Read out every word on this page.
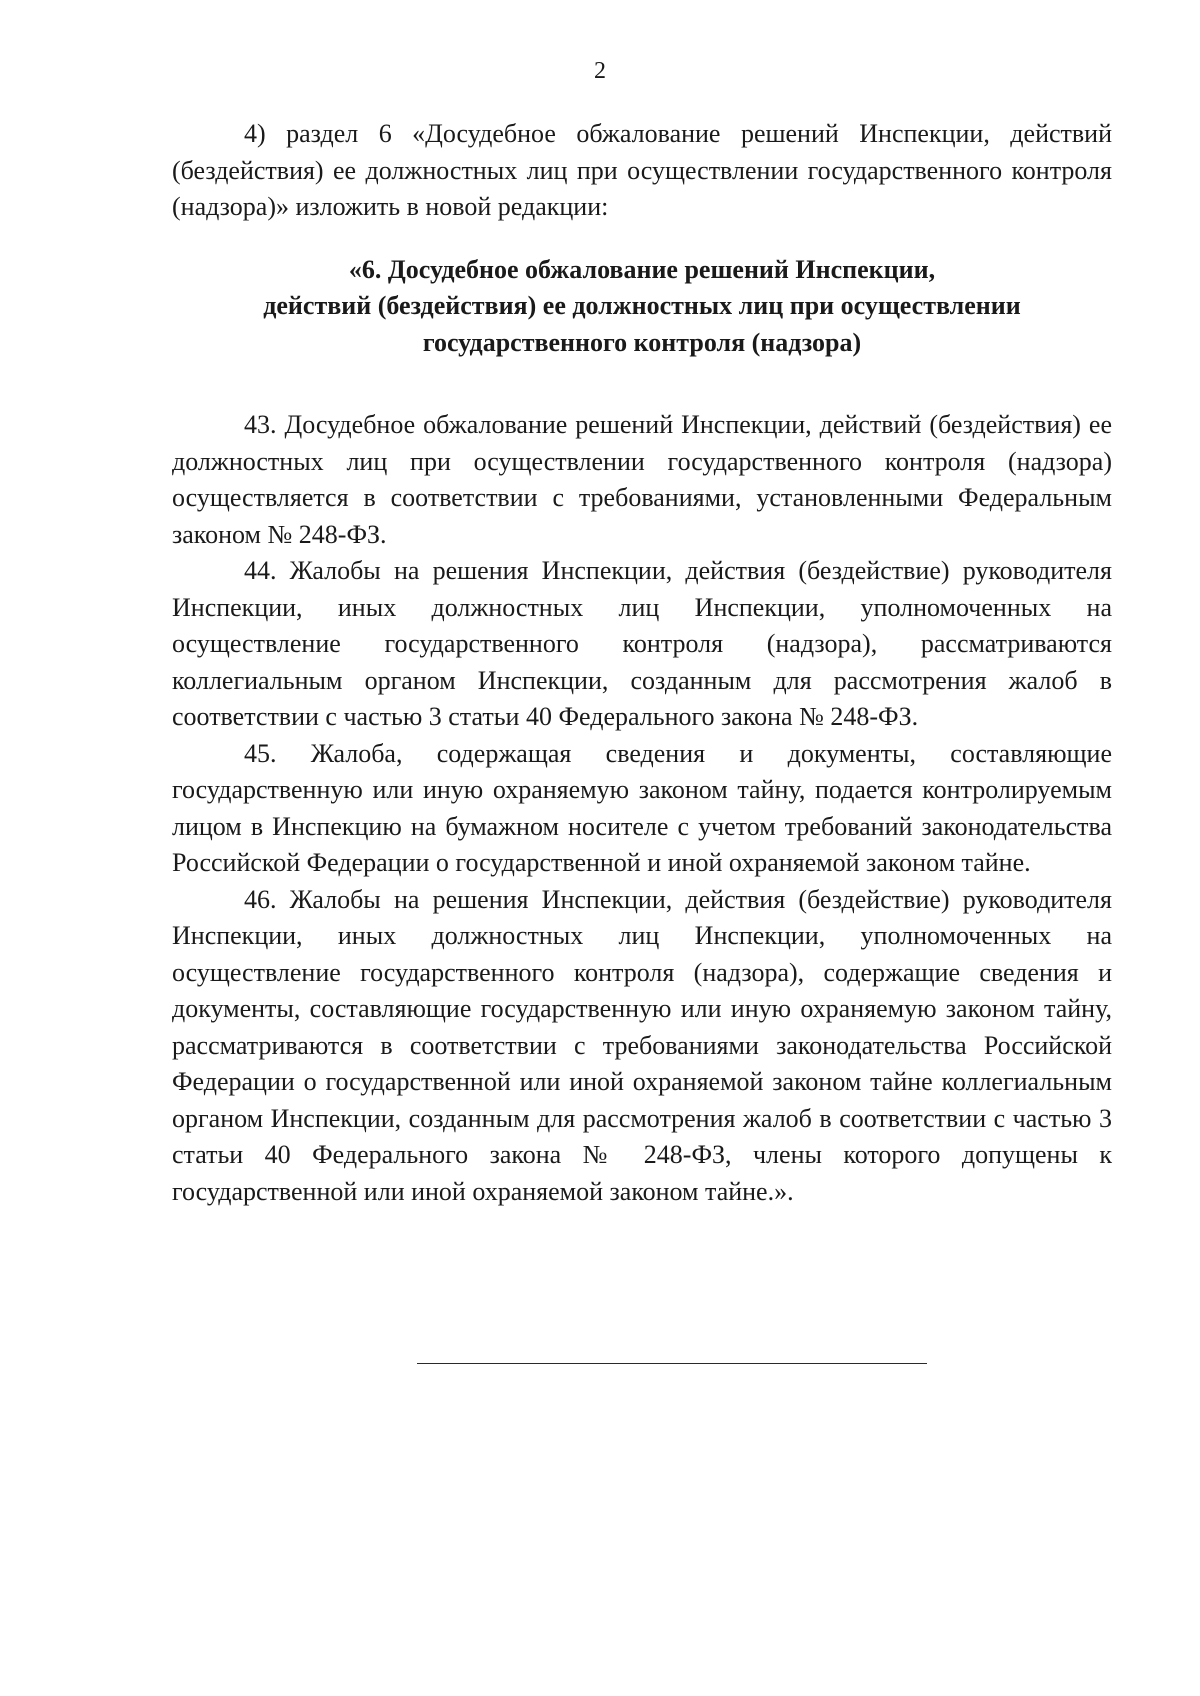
2

4) раздел 6 «Досудебное обжалование решений Инспекции, действий (бездействия) ее должностных лиц при осуществлении государственного контроля (надзора)» изложить в новой редакции:

«6. Досудебное обжалование решений Инспекции,
действий (бездействия) ее должностных лиц при осуществлении
государственного контроля (надзора)

43. Досудебное обжалование решений Инспекции, действий (бездействия) ее должностных лиц при осуществлении государственного контроля (надзора) осуществляется в соответствии с требованиями, установленными Федеральным законом № 248-ФЗ.

44. Жалобы на решения Инспекции, действия (бездействие) руководителя Инспекции, иных должностных лиц Инспекции, уполномоченных на осуществление государственного контроля (надзора), рассматриваются коллегиальным органом Инспекции, созданным для рассмотрения жалоб в соответствии с частью 3 статьи 40 Федерального закона № 248-ФЗ.

45. Жалоба, содержащая сведения и документы, составляющие государственную или иную охраняемую законом тайну, подается контролируемым лицом в Инспекцию на бумажном носителе с учетом требований законодательства Российской Федерации о государственной и иной охраняемой законом тайне.

46. Жалобы на решения Инспекции, действия (бездействие) руководителя Инспекции, иных должностных лиц Инспекции, уполномоченных на осуществление государственного контроля (надзора), содержащие сведения и документы, составляющие государственную или иную охраняемую законом тайну, рассматриваются в соответствии с требованиями законодательства Российской Федерации о государственной или иной охраняемой законом тайне коллегиальным органом Инспекции, созданным для рассмотрения жалоб в соответствии с частью 3 статьи 40 Федерального закона № 248-ФЗ, члены которого допущены к государственной или иной охраняемой законом тайне.».
